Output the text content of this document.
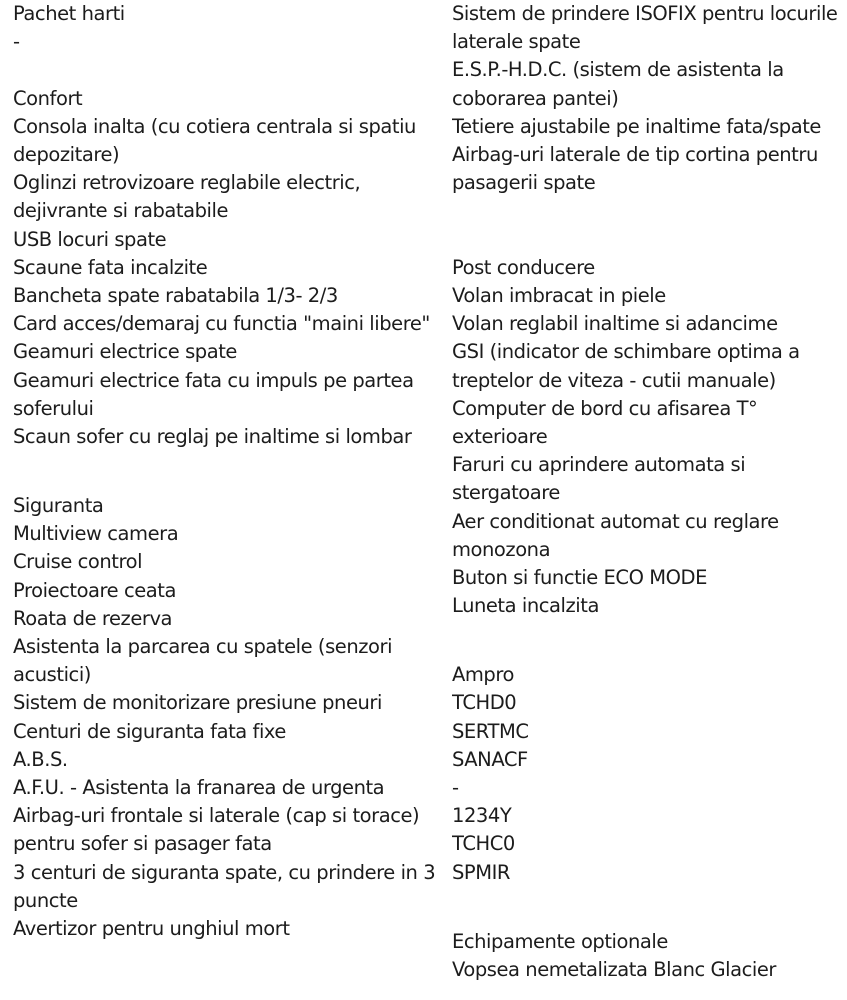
Pachet harti
-
Confort
Consola inalta (cu cotiera centrala si spatiu depozitare)
Oglinzi retrovizoare reglabile electric, dejivrante si rabatabile
USB locuri spate
Scaune fata incalzite
Bancheta spate rabatabila 1/3- 2/3
Card acces/demaraj cu functia "maini libere"
Geamuri electrice spate
Geamuri electrice fata cu impuls pe partea soferului
Scaun sofer cu reglaj pe inaltime si lombar
Siguranta
Multiview camera
Cruise control
Proiectoare ceata
Roata de rezerva
Asistenta la parcarea cu spatele (senzori acustici)
Sistem de monitorizare presiune pneuri
Centuri de siguranta fata fixe
A.B.S.
A.F.U. - Asistenta la franarea de urgenta
Airbag-uri frontale si laterale (cap si torace) pentru sofer si pasager fata
3 centuri de siguranta spate, cu prindere in 3 puncte
Avertizor pentru unghiul mort
Sistem de prindere ISOFIX pentru locurile
laterale spate
E.S.P.-H.D.C. (sistem de asistenta la
coborarea pantei)
Tetiere ajustabile pe inaltime fata/spate
Airbag-uri laterale de tip cortina pentru
pasagerii spate
Post conducere
Volan imbracat in piele
Volan reglabil inaltime si adancime
GSI (indicator de schimbare optima a
treptelor de viteza - cutii manuale)
Computer de bord cu afisarea T°
exterioare
Faruri cu aprindere automata si
stergatoare
Aer conditionat automat cu reglare
monozona
Buton si functie ECO MODE
Luneta incalzita
Ampro
TCHD0
SERTMC
SANACF
-
1234Y
TCHC0
SPMIR
Echipamente optionale
Vopsea nemetalizata Blanc Glacier
